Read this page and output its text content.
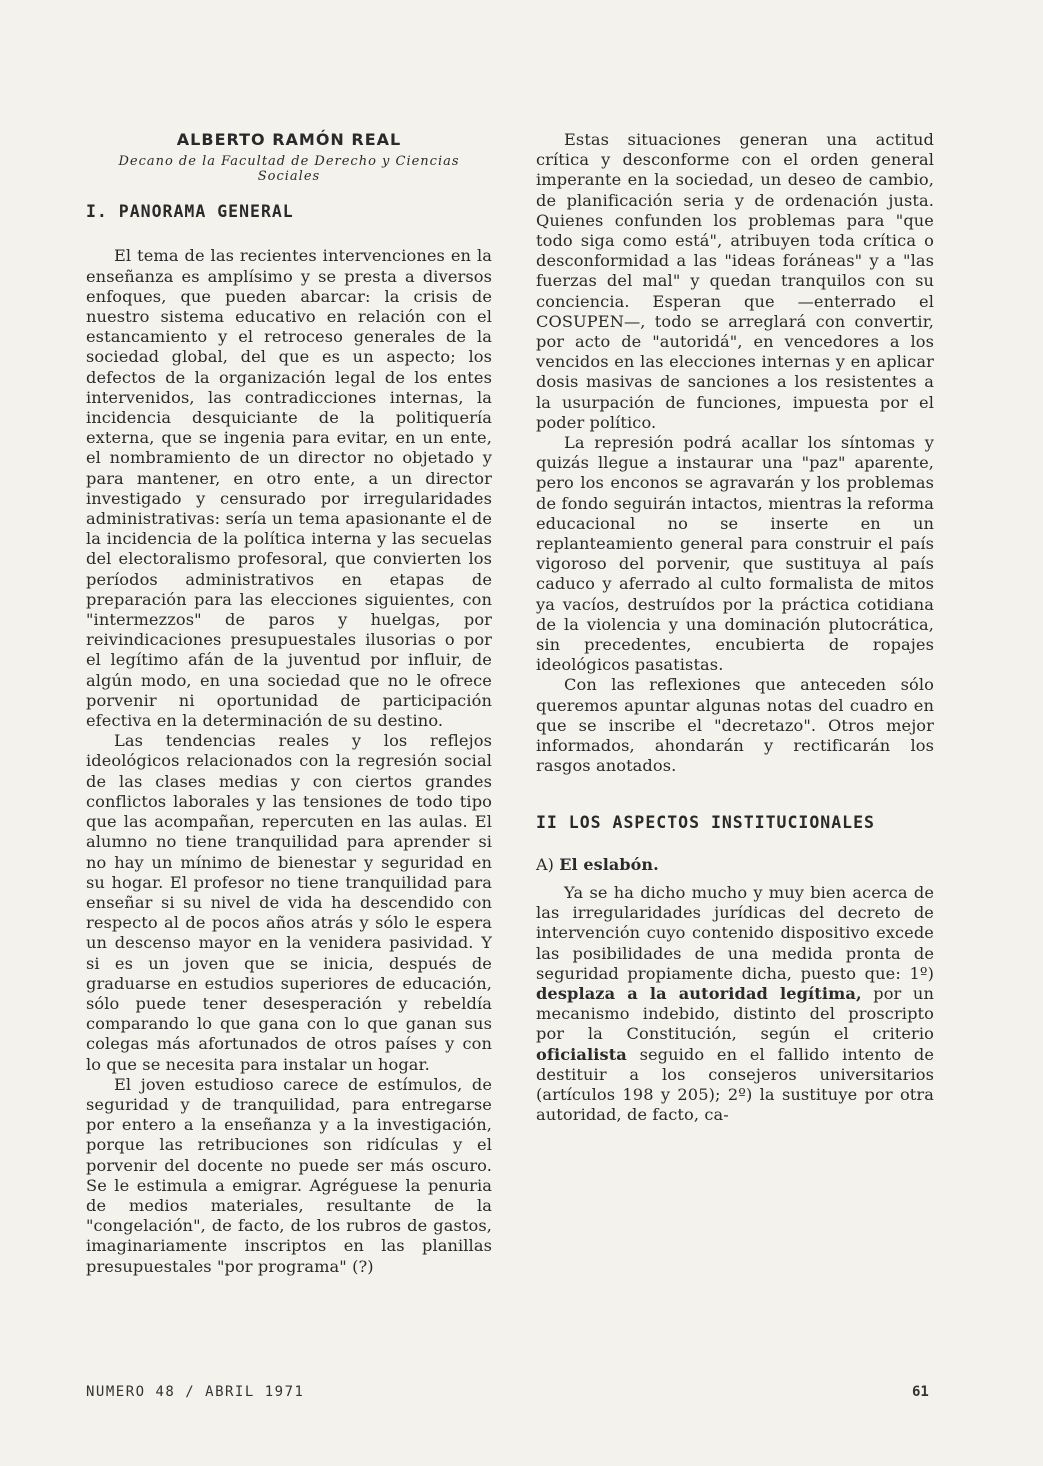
ALBERTO RAMÓN REAL
Decano de la Facultad de Derecho y Ciencias Sociales
I. PANORAMA GENERAL

El tema de las recientes intervenciones en la enseñanza es amplísimo y se presta a diversos enfoques, que pueden abarcar: la crisis de nuestro sistema educativo en relación con el estancamiento y el retroceso generales de la sociedad global, del que es un aspecto; los defectos de la organización legal de los entes intervenidos, las contradicciones internas, la incidencia desquiciante de la politiquería externa, que se ingenia para evitar, en un ente, el nombramiento de un director no objetado y para mantener, en otro ente, a un director investigado y censurado por irregularidades administrativas: sería un tema apasionante el de la incidencia de la política interna y las secuelas del electoralismo profesoral, que convierten los períodos administrativos en etapas de preparación para las elecciones siguientes, con "intermezzos" de paros y huelgas, por reivindicaciones presupuestales ilusorias o por el legítimo afán de la juventud por influir, de algún modo, en una sociedad que no le ofrece porvenir ni oportunidad de participación efectiva en la determinación de su destino.

Las tendencias reales y los reflejos ideológicos relacionados con la regresión social de las clases medias y con ciertos grandes conflictos laborales y las tensiones de todo tipo que las acompañan, repercuten en las aulas. El alumno no tiene tranquilidad para aprender si no hay un mínimo de bienestar y seguridad en su hogar. El profesor no tiene tranquilidad para enseñar si su nivel de vida ha descendido con respecto al de pocos años atrás y sólo le espera un descenso mayor en la venidera pasividad. Y si es un joven que se inicia, después de graduarse en estudios superiores de educación, sólo puede tener desesperación y rebeldía comparando lo que gana con lo que ganan sus colegas más afortunados de otros países y con lo que se necesita para instalar un hogar.

El joven estudioso carece de estímulos, de seguridad y de tranquilidad, para entregarse por entero a la enseñanza y a la investigación, porque las retribuciones son ridículas y el porvenir del docente no puede ser más oscuro. Se le estimula a emigrar. Agréguese la penuria de medios materiales, resultante de la "congelación", de facto, de los rubros de gastos, imaginariamente inscriptos en las planillas presupuestales "por programa" (?)

Estas situaciones generan una actitud crítica y desconforme con el orden general imperante en la sociedad, un deseo de cambio, de planificación seria y de ordenación justa. Quienes confunden los problemas para "que todo siga como está", atribuyen toda crítica o desconformidad a las "ideas foráneas" y a "las fuerzas del mal" y quedan tranquilos con su conciencia. Esperan que —enterrado el COSUPEN—, todo se arreglará con convertir, por acto de "autoridá", en vencedores a los vencidos en las elecciones internas y en aplicar dosis masivas de sanciones a los resistentes a la usurpación de funciones, impuesta por el poder político.

La represión podrá acallar los síntomas y quizás llegue a instaurar una "paz" aparente, pero los enconos se agravarán y los problemas de fondo seguirán intactos, mientras la reforma educacional no se inserte en un replanteamiento general para construir el país vigoroso del porvenir, que sustituya al país caduco y aferrado al culto formalista de mitos ya vacíos, destruídos por la práctica cotidiana de la violencia y una dominación plutocrática, sin precedentes, encubierta de ropajes ideológicos pasatistas.

Con las reflexiones que anteceden sólo queremos apuntar algunas notas del cuadro en que se inscribe el "decretazo". Otros mejor informados, ahondarán y rectificarán los rasgos anotados.

II LOS ASPECTOS INSTITUCIONALES
A) El eslabón.

Ya se ha dicho mucho y muy bien acerca de las irregularidades jurídicas del decreto de intervención cuyo contenido dispositivo excede las posibilidades de una medida pronta de seguridad propiamente dicha, puesto que: 1º) desplaza a la autoridad legítima, por un mecanismo indebido, distinto del proscripto por la Constitución, según el criterio oficialista seguido en el fallido intento de destituir a los consejeros universitarios (artículos 198 y 205); 2º) la sustituye por otra autoridad, de facto, ca-

NUMERO 48 / ABRIL 1971	61
